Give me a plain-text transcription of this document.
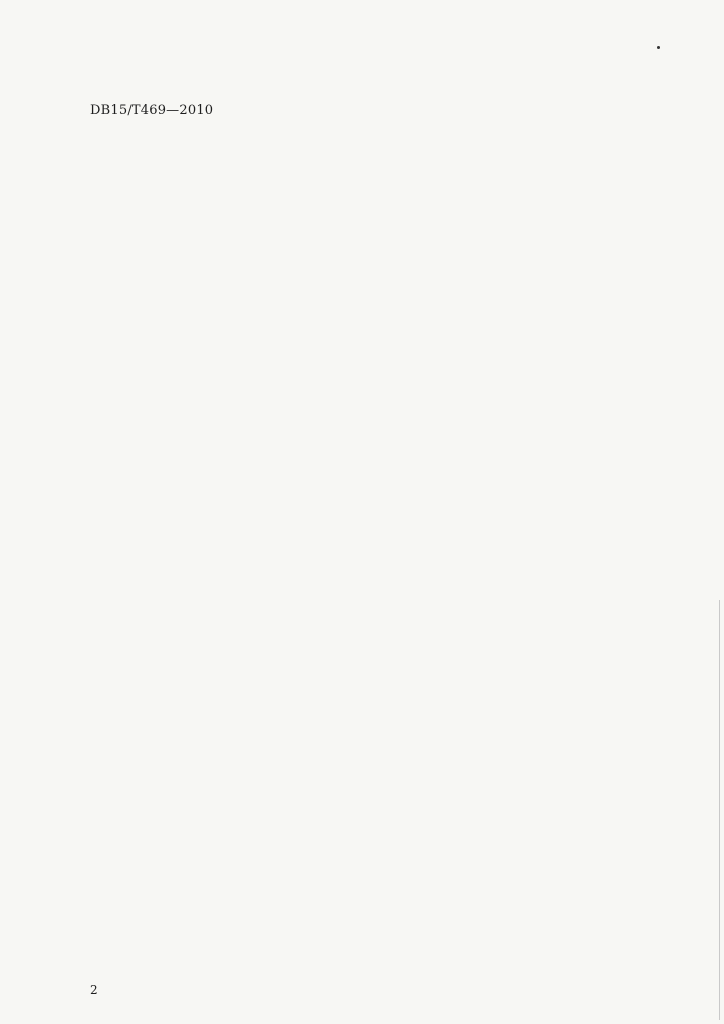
DB15/T469—2010
2
